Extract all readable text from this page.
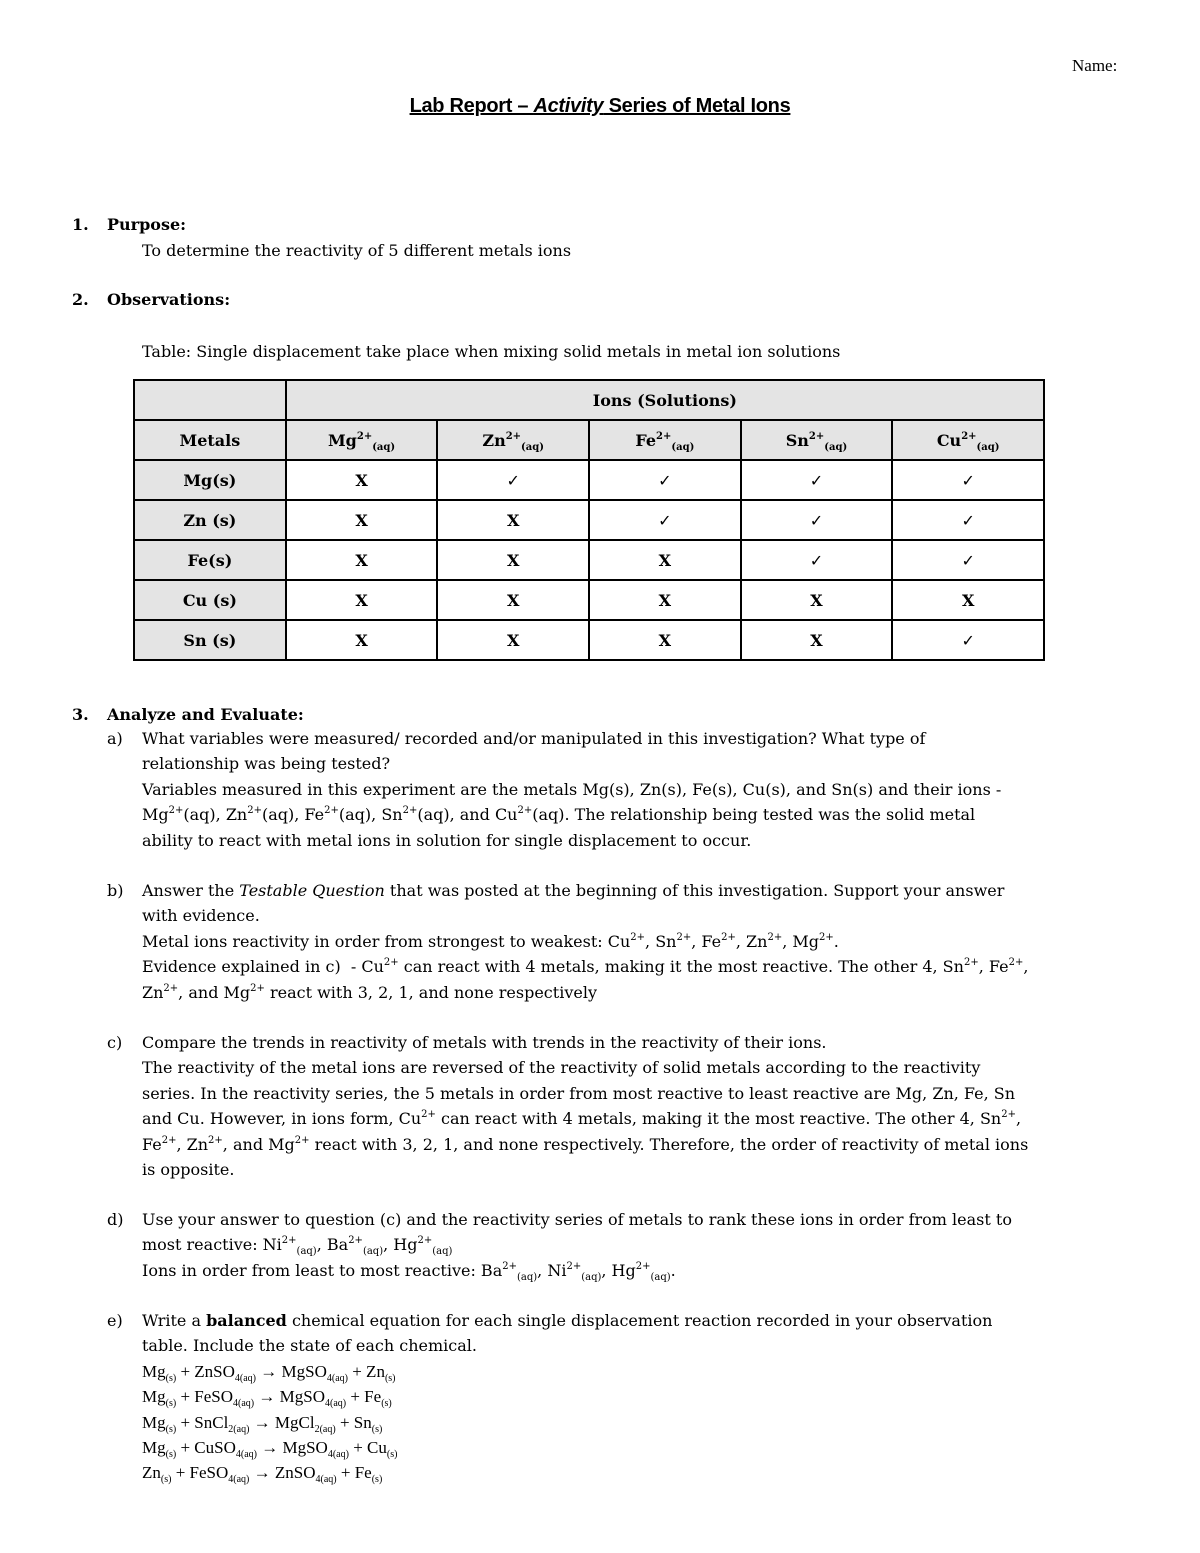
Name:
Lab Report – Activity Series of Metal Ions
1. Purpose:
To determine the reactivity of 5 different metals ions
2. Observations:
Table: Single displacement take place when mixing solid metals in metal ion solutions
	Ions (Solutions)				
Metals	$Mg^{2+}_{(aq)}$	$Zn^{2+}_{(aq)}$	$Fe^{2+}_{(aq)}$	$Sn^{2+}_{(aq)}$	$Cu^{2+}_{(aq)}$
Mg(s)	X	✓	✓	✓	✓
Zn (s)	X	X	✓	✓	✓
Fe(s)	X	X	X	✓	✓
Cu (s)	X	X	X	X	X
Sn (s)	X	X	X	X	✓
3. Analyze and Evaluate:
a)	What variables were measured/ recorded and/or manipulated in this investigation? What type of
relationship was being tested?
Variables measured in this experiment are the metals Mg(s), Zn(s), Fe(s), Cu(s), and Sn(s) and their ions -
$Mg^{2+}(aq)$, $Zn^{2+}(aq)$, $Fe^{2+}(aq)$, $Sn^{2+}(aq)$, and $Cu^{2+}(aq)$. The relationship being tested was the solid metal
ability to react with metal ions in solution for single displacement to occur.
b)	Answer the Testable Question that was posted at the beginning of this investigation. Support your answer
with evidence.
Metal ions reactivity in order from strongest to weakest: $Cu^{2+}$, $Sn^{2+}$, $Fe^{2+}$, $Zn^{2+}$, $Mg^{2+}$.
Evidence explained in $c) - Cu^{2+}$ can react with 4 metals, making it the most reactive. The other 4, $Sn^{2+}$, $Fe^{2+}$,
$Zn^{2+}$, and $Mg^{2+}$ react with 3, 2, 1, and none respectively
c)	Compare the trends in reactivity of metals with trends in the reactivity of their ions.
The reactivity of the metal ions are reversed of the reactivity of solid metals according to the reactivity
series. In the reactivity series, the 5 metals in order from most reactive to least reactive are Mg, Zn, Fe, Sn
and Cu. However, in ions form, $Cu^{2+}$ can react with 4 metals, making it the most reactive. The other 4, $Sn^{2+}$,
$Fe^{2+}$, $Zn^{2+}$, and $Mg^{2+}$ react with 3, 2, 1, and none respectively. Therefore, the order of reactivity of metal ions
is opposite.
d)	Use your answer to question (c) and the reactivity series of metals to rank these ions in order from least to
most reactive: $Ni^{2+}_{(aq)}$, $Ba^{2+}_{(aq)}$, $Hg^{2+}_{(aq)}$
Ions in order from least to most reactive: $Ba^{2+}_{(aq)}$, $Ni^{2+}_{(aq)}$, $Hg^{2+}_{(aq)}$.
e)	Write a balanced chemical equation for each single displacement reaction recorded in your observation
table. Include the state of each chemical.
$Mg_{(s)}$ + ZnSO$_{4(aq)}$ → MgSO$_{4(aq)}$ + $Zn_{(s)}$
$Mg_{(s)}$ + FeSO$_{4(aq)}$ → MgSO$_{4(aq)}$ + $Fe_{(s)}$
$Mg_{(s)}$ + SnCl$_{2(aq)}$ → MgCl$_{2(aq)}$ + $Sn_{(s)}$
$Mg_{(s)}$ + CuSO$_{4(aq)}$ → MgSO$_{4(aq)}$ + $Cu_{(s)}$
$Zn_{(s)}$ + FeSO$_{4(aq)}$ → ZnSO$_{4(aq)}$ + $Fe_{(s)}$
